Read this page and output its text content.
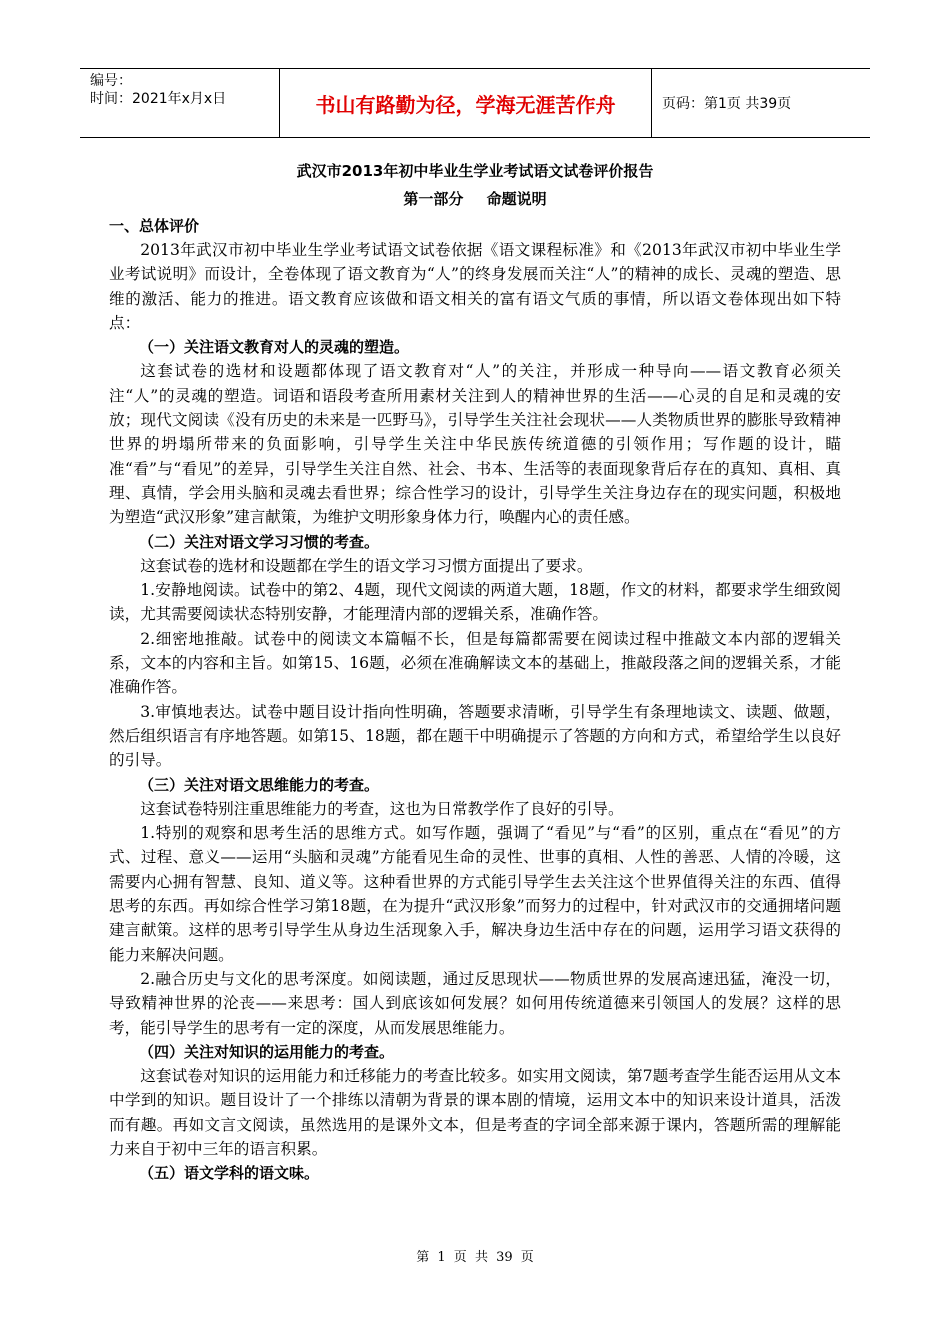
编号：
时间：2021年x月x日	书山有路勤为径，学海无涯苦作舟	页码：第1页 共39页
武汉市2013年初中毕业生学业考试语文试卷评价报告
第一部分 命题说明
一、总体评价

2013年武汉市初中毕业生学业考试语文试卷依据《语文课程标准》和《2013年武汉市初中毕业生学业考试说明》而设计，全卷体现了语文教育为“人”的终身发展而关注“人”的精神的成长、灵魂的塑造、思维的激活、能力的推进。语文教育应该做和语文相关的富有语文气质的事情，所以语文卷体现出如下特点：

（一）关注语文教育对人的灵魂的塑造。

这套试卷的选材和设题都体现了语文教育对“人”的关注，并形成一种导向——语文教育必须关注“人”的灵魂的塑造。词语和语段考查所用素材关注到人的精神世界的生活——心灵的自足和灵魂的安放；现代文阅读《没有历史的未来是一匹野马》，引导学生关注社会现状——人类物质世界的膨胀导致精神世界的坍塌所带来的负面影响，引导学生关注中华民族传统道德的引领作用；写作题的设计，瞄准“看”与“看见”的差异，引导学生关注自然、社会、书本、生活等的表面现象背后存在的真知、真相、真理、真情，学会用头脑和灵魂去看世界；综合性学习的设计，引导学生关注身边存在的现实问题，积极地为塑造“武汉形象”建言献策，为维护文明形象身体力行，唤醒内心的责任感。

（二）关注对语文学习习惯的考查。

这套试卷的选材和设题都在学生的语文学习习惯方面提出了要求。

1.安静地阅读。试卷中的第2、4题，现代文阅读的两道大题，18题，作文的材料，都要求学生细致阅读，尤其需要阅读状态特别安静，才能理清内部的逻辑关系，准确作答。

2.细密地推敲。试卷中的阅读文本篇幅不长，但是每篇都需要在阅读过程中推敲文本内部的逻辑关系，文本的内容和主旨。如第15、16题，必须在准确解读文本的基础上，推敲段落之间的逻辑关系，才能准确作答。

3.审慎地表达。试卷中题目设计指向性明确，答题要求清晰，引导学生有条理地读文、读题、做题，然后组织语言有序地答题。如第15、18题，都在题干中明确提示了答题的方向和方式，希望给学生以良好的引导。

（三）关注对语文思维能力的考查。

这套试卷特别注重思维能力的考查，这也为日常教学作了良好的引导。

1.特别的观察和思考生活的思维方式。如写作题，强调了“看见”与“看”的区别，重点在“看见”的方式、过程、意义——运用“头脑和灵魂”方能看见生命的灵性、世事的真相、人性的善恶、人情的冷暖，这需要内心拥有智慧、良知、道义等。这种看世界的方式能引导学生去关注这个世界值得关注的东西、值得思考的东西。再如综合性学习第18题，在为提升“武汉形象”而努力的过程中，针对武汉市的交通拥堵问题建言献策。这样的思考引导学生从身边生活现象入手，解决身边生活中存在的问题，运用学习语文获得的能力来解决问题。

2.融合历史与文化的思考深度。如阅读题，通过反思现状——物质世界的发展高速迅猛，淹没一切，导致精神世界的沦丧——来思考：国人到底该如何发展？如何用传统道德来引领国人的发展？这样的思考，能引导学生的思考有一定的深度，从而发展思维能力。

（四）关注对知识的运用能力的考查。

这套试卷对知识的运用能力和迁移能力的考查比较多。如实用文阅读，第7题考查学生能否运用从文本中学到的知识。题目设计了一个排练以清朝为背景的课本剧的情境，运用文本中的知识来设计道具，活泼而有趣。再如文言文阅读，虽然选用的是课外文本，但是考查的字词全部来源于课内，答题所需的理解能力来自于初中三年的语言积累。

（五）语文学科的语文味。
第 1 页 共 39 页
